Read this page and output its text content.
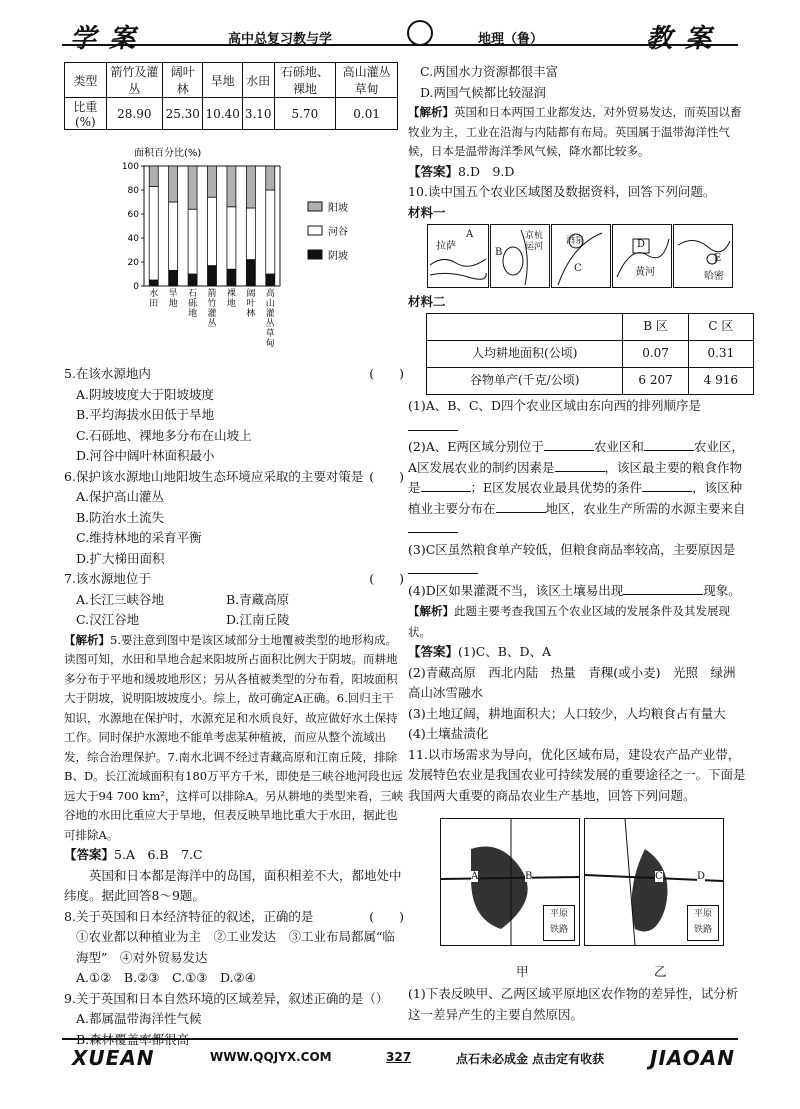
学 案	高中总复习教与学	地理（鲁）	教 案
类型	箭竹及灌丛	阔叶林	旱地	水田	石砾地、裸地	高山灌丛草甸
比重(%)	28.90	25.30	10.40	3.10	5.70	0.01
面积百分比(%)
0
20
40
60
80
100
水田
旱地
石砾地
箭竹灌丛
裸地
阔叶林
高山灌丛草甸
阳坡
河谷
阴坡

5.在该水源地内	(　　)

A.阴坡坡度大于阳坡坡度

B.平均海拔水田低于旱地

C.石砾地、裸地多分布在山坡上

D.河谷中阔叶林面积最小

6.保护该水源地山地阳坡生态环境应采取的主要对策是 (　　)

A.保护高山灌丛

B.防治水土流失

C.维持林地的采育平衡

D.扩大梯田面积

7.该水源地位于	(　　)

A.长江三峡谷地	B.青藏高原

C.汉江谷地	D.江南丘陵

【解析】5.要注意到图中是该区域部分土地覆被类型的地形构成。读图可知，水田和旱地合起来阳坡所占面积比例大于阴坡。而耕地多分布于平地和缓坡地形区；另从各植被类型的分布看，阳坡面积大于阴坡，说明阳坡坡度小。综上，故可确定A正确。6.回归主干知识，水源地在保护时，水源充足和水质良好，故应做好水土保持工作。同时保护水源地不能单考虑某种植被，而应从整个流域出发，综合治理保护。7.南水北调不经过青藏高原和江南丘陵，排除B、D。长江流域面积有180万平方千米，即使是三峡谷地河段也远远大于94 700 km²，这样可以排除A。另从耕地的类型来看，三峡谷地的水田比重应大于旱地，但表反映旱地比重大于水田，据此也可排除A。

【答案】5.A　6.B　7.C

英国和日本都是海洋中的岛国，面积相差不大，都地处中纬度。据此回答8～9题。

8.关于英国和日本经济特征的叙述，正确的是	(　　)

①农业都以种植业为主　②工业发达　③工业布局都属“临海型”　④对外贸易发达

A.①②　B.②③　C.①③　D.②④

9.关于英国和日本自然环境的区域差异，叙述正确的是（）

A.都属温带海洋性气候

B.森林覆盖率都很高

C.两国水力资源都很丰富

D.两国气候都比较湿润

【解析】英国和日本两国工业都发达，对外贸易发达，而英国以畜牧业为主，工业在沿海与内陆都有布局。英国属于温带海洋性气候，日本是温带海洋季风气候，降水都比较多。

【答案】8.D　9.D

10.读中国五个农业区域图及数据资料，回答下列问题。

材料一

拉萨
A
B
京杭运河
酒泉
C
D
黄河
E
哈密

材料二

	B 区	C 区
人均耕地面积(公顷)	0.07	0.31
谷物单产(千克/公顷)	6 207	4 916

(1)A、B、C、D四个农业区域由东向西的排列顺序是

(2)A、E两区域分别位于	农业区和	农业区，A区发展农业的制约因素是	，该区最主要的粮食作物是	；E区发展农业最具优势的条件	，该区种植业主要分布在	地区，农业生产所需的水源主要来自

(3)C区虽然粮食单产较低，但粮食商品率较高，主要原因是

(4)D区如果灌溉不当，该区土壤易出现	现象。

【解析】此题主要考查我国五个农业区域的发展条件及其发展现状。

【答案】(1)C、B、D、A

(2)青藏高原　西北内陆　热量　青稞(或小麦)　光照　绿洲　高山冰雪融水

(3)土地辽阔，耕地面积大；人口较少，人均粮食占有量大

(4)土壤盐渍化

11.以市场需求为导向，优化区域布局，建设农产品产业带，发展特色农业是我国农业可持续发展的重要途径之一。下面是我国两大重要的商品农业生产基地，回答下列问题。

A	B
平原
铁路
C	D
平原
铁路
甲	乙

(1)下表反映甲、乙两区域平原地区农作物的差异性，试分析这一差异产生的主要自然原因。

XUEAN	WWW.QQJYX.COM	327	点石未必成金 点击定有收获 JIAOAN
